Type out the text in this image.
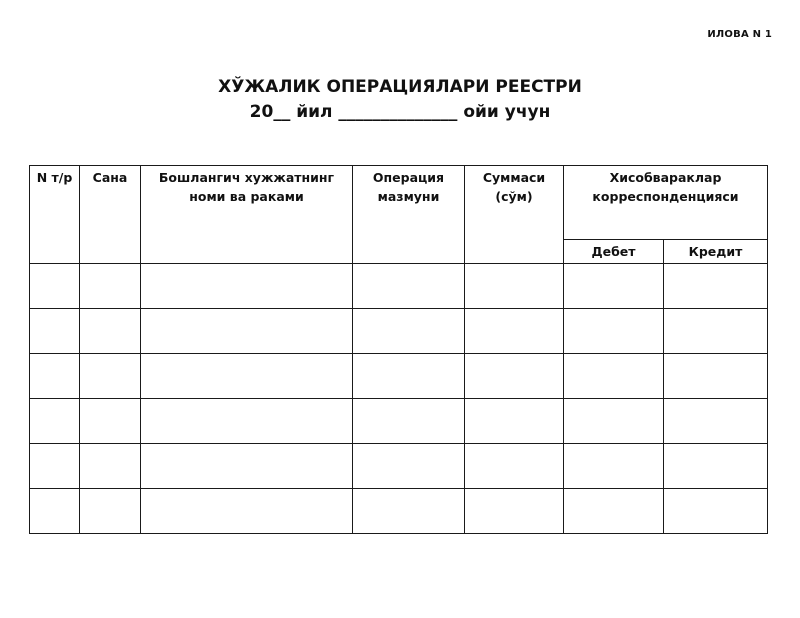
ИЛОВА N 1
ХЎЖАЛИК ОПЕРАЦИЯЛАРИ РЕЕСТРИ
20__ йил ______________ ойи учун
N т/р	Сана	Бошлангич хужжатнинг номи ва раками	Операция мазмуни	Суммаси (сўм)	Хисобвараклар корреспонденцияси	
					Дебет	Кредит
